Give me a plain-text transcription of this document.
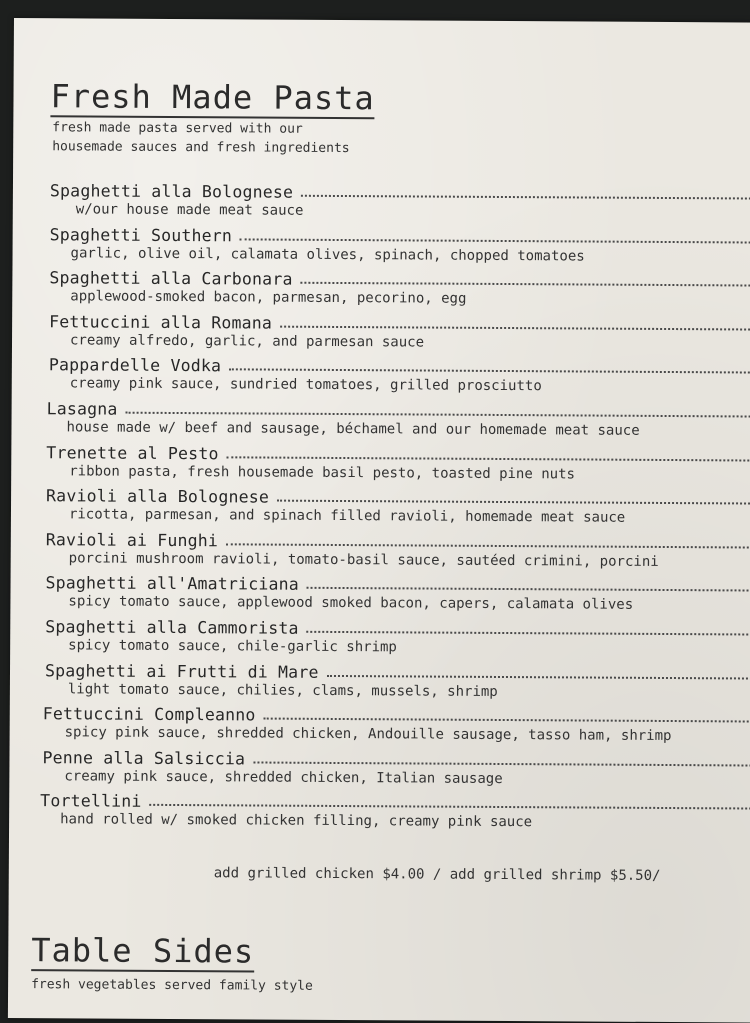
Fresh Made Pasta
fresh made pasta served with our
housemade sauces and fresh ingredients
Spaghetti alla Bolognese
w/our house made meat sauce
Spaghetti Southern
garlic, olive oil, calamata olives, spinach, chopped tomatoes
Spaghetti alla Carbonara
applewood-smoked bacon, parmesan, pecorino, egg
Fettuccini alla Romana
creamy alfredo, garlic, and parmesan sauce
Pappardelle Vodka
creamy pink sauce, sundried tomatoes, grilled prosciutto
Lasagna
house made w/ beef and sausage, béchamel and our homemade meat sauce
Trenette al Pesto
ribbon pasta, fresh housemade basil pesto, toasted pine nuts
Ravioli alla Bolognese
ricotta, parmesan, and spinach filled ravioli, homemade meat sauce
Ravioli ai Funghi
porcini mushroom ravioli, tomato-basil sauce, sautéed crimini, porcini
Spaghetti all'Amatriciana
spicy tomato sauce, applewood smoked bacon, capers, calamata olives
Spaghetti alla Cammorista
spicy tomato sauce, chile-garlic shrimp
Spaghetti ai Frutti di Mare
light tomato sauce, chilies, clams, mussels, shrimp
Fettuccini Compleanno
spicy pink sauce, shredded chicken, Andouille sausage, tasso ham, shrimp
Penne alla Salsiccia
creamy pink sauce, shredded chicken, Italian sausage
Tortellini
hand rolled w/ smoked chicken filling, creamy pink sauce
add grilled chicken $4.00 / add grilled shrimp $5.50/
Table Sides
fresh vegetables served family style
